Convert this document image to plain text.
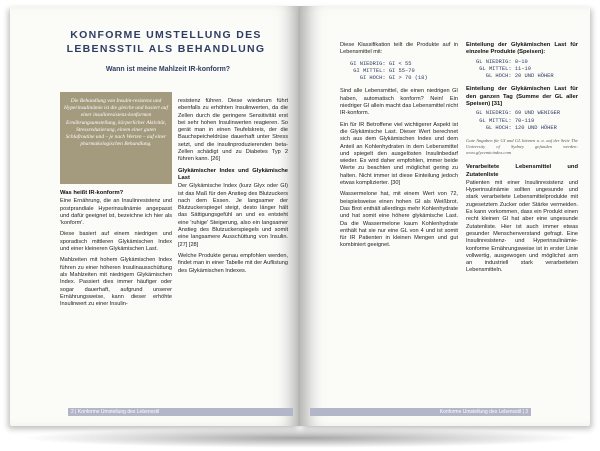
KONFORME UMSTELLUNG DES LEBENSSTIL ALS BEHANDLUNG
Wann ist meine Mahlzeit IR-konform?
Die Behandlung von Insulin-resistenz und Hyperinsulinämie ist die gleiche und basiert auf einer insulinresistenz-konformen Ernährungsumstellung, körperlicher Aktivität, Stressreduzierung, einem einer guten Schlafroutine und – je nach Werten – auf einer pharmakologischen Behandlung.
Was heißt IR-konform?

Eine Ernährung, die an Insulinresistenz und postprandiale Hyperinsulinämie angepasst und dafür geeignet ist, bezeichne ich hier als 'konform'.

Diese basiert auf einem niedrigen und sporadisch mittleren Glykämischen Index und einer kleineren Glykämischen Last.

Mahlzeiten mit hohem Glykämischen Index führen zu einer höheren Insulinausschüttung als Mahlzeiten mit niedrigem Glykämischen Index. Passiert dies immer häufiger oder sogar dauerhaft, aufgrund unserer Ernährungsweise, kann dieser erhöhte Insulinwert zu einer Insulin-

resistenz führen. Diese wiederum führt ebenfalls zu erhöhten Insulinwerten, da die Zellen durch die geringere Sensitivität erst bei sehr hohen Insulinwerten reagieren. So gerät man in einen Teufelskreis, der die Bauchspeicheldrüse dauerhaft unter Stress setzt, und die insulinproduzierenden beta-Zellen schädigt und zu Diabetes Typ 2 führen kann. [26]

Glykämischer Index und Glykämische Last

Der Glykämische Index (kurz Glyx oder GI) ist das Maß für den Anstieg des Blutzuckers nach dem Essen. Je langsamer der Blutzuckerspiegel steigt, desto länger hält das Sättigungsgefühl an und es entsteht eine 'ruhige' Steigerung, also ein langsamer Anstieg des Blutzuckerspiegels und somit eine langsamere Ausschüttung von Insulin. [27] [28]

Welche Produkte genau empfohlen werden, findet man in einer Tabelle mit der Auflistung des Glykämischen Indexes.

2 | Konforme Umstellung des Lebensstil

Diese Klassifikation teilt die Produkte auf in Lebensmittel mit:

GI NIEDRIG: GI < 55
GI MITTEL: GI 55–70
GI HOCH: GI > 70 (18)

Sind alle Lebensmittel, die einen niedrigen GI haben, automatisch konform? Nein! Ein niedriger GI allein macht das Lebensmittel nicht IR-konform.

Ein für IR Betroffene viel wichtigerer Aspekt ist die Glykämische Last. Dieser Wert berechnet sich aus dem Glykämischen Index und dem Anteil an Kohlenhydraten in dem Lebensmittel und spiegelt den ausgelösten Insulinbedarf wieder. Es wird daher empfohlen, immer beide Werte zu beachten und möglichst gering zu halten. Nicht immer ist diese Einteilung jedoch etwas komplizierter. [30]

Wassermelone hat, mit einem Wert von 72, beispielsweise einen hohen GI als Weißbrot. Das Brot enthält allerdings mehr Kohlenhydrate und hat somit eine höhere glykämische Last. Da die Wassermelone kaum Kohlenhydrate enthält hat sie nur eine GL von 4 und ist somit für IR Patienten in kleinen Mengen und gut kombiniert geeignet.

Einteilung der Glykämischen Last für einzelne Produkte (Speisen):
GL NIEDRIG: 0–10
GL MITTEL: 11–19
GL HOCH: 20 UND HÖHER
Einteilung der Glykämischen Last für den ganzen Tag (Summe der GL aller Speisen) [31]
GL NIEDRIG: 69 UND WENIGER
GL MITTEL: 70–119
GL HOCH: 120 UND HÖHER
Gute Angaben für GI und GL können u. a. auf der Seite The University of Sydney gefunden werden: www.glycemicindex.com
Verarbeitete Lebensmittel und Zutatenliste

Patienten mit einer Insulinresistenz und Hyperinsulinämie sollten ungesunde und stark verarbeitete Lebensmittelprodukte mit zugesetztem Zucker oder Stärke vermeiden. Es kann vorkommen, dass ein Produkt einen recht kleinen GI hat aber eine ungesunde Zutatenliste. Hier ist auch immer etwas gesunder Menschenverstand gefragt. Eine Insulinresistenz- und Hyperinsulinämie-konforme Ernährungsweise ist in erster Linie vollwertig, ausgewogen und möglichst arm an industriell stark verarbeiteten Lebensmitteln.

Konforme Umstellung des Lebensstil | 3
